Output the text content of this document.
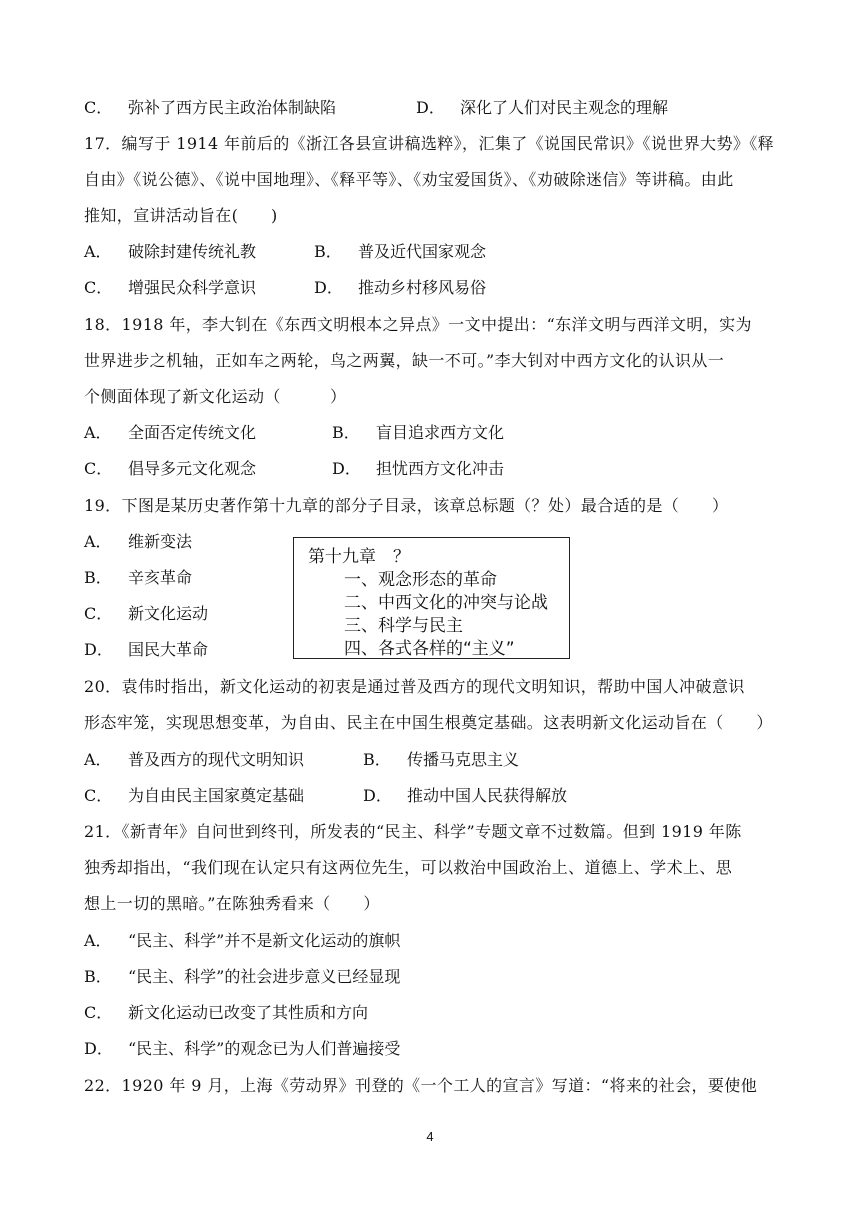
C． 弥补了西方民主政治体制缺陷	D． 深化了人们对民主观念的理解
17．编写于 1914 年前后的《浙江各县宣讲稿选粹》，汇集了《说国民常识》《说世界大势》《释
自由》《说公德》、《说中国地理》、《释平等》、《劝宝爱国货》、《劝破除迷信》等讲稿。由此
推知，宣讲活动旨在(　　)
A． 破除封建传统礼教	B． 普及近代国家观念
C． 增强民众科学意识	D． 推动乡村移风易俗
18．1918 年，李大钊在《东西文明根本之异点》一文中提出：“东洋文明与西洋文明，实为
世界进步之机轴，正如车之两轮，鸟之两翼，缺一不可。”李大钊对中西方文化的认识从一
个侧面体现了新文化运动（　　　）
A． 全面否定传统文化	B． 盲目追求西方文化
C． 倡导多元文化观念	D． 担忧西方文化冲击
19．下图是某历史著作第十九章的部分子目录，该章总标题（？处）最合适的是（　　）
A． 维新变法
B． 辛亥革命
C． 新文化运动
D． 国民大革命
第十九章　？
一、观念形态的革命
二、中西文化的冲突与论战
三、科学与民主
四、各式各样的“主义”
20．袁伟时指出，新文化运动的初衷是通过普及西方的现代文明知识，帮助中国人冲破意识
形态牢笼，实现思想变革，为自由、民主在中国生根奠定基础。这表明新文化运动旨在（　　）
A． 普及西方的现代文明知识	B． 传播马克思主义
C． 为自由民主国家奠定基础	D． 推动中国人民获得解放
21．《新青年》自问世到终刊，所发表的“民主、科学”专题文章不过数篇。但到 1919 年陈
独秀却指出，“我们现在认定只有这两位先生，可以救治中国政治上、道德上、学术上、思
想上一切的黑暗。”在陈独秀看来（　　）
A． “民主、科学”并不是新文化运动的旗帜
B． “民主、科学”的社会进步意义已经显现
C． 新文化运动已改变了其性质和方向
D． “民主、科学”的观念已为人们普遍接受
22．1920 年 9 月，上海《劳动界》刊登的《一个工人的宣言》写道：“将来的社会，要使他
4
